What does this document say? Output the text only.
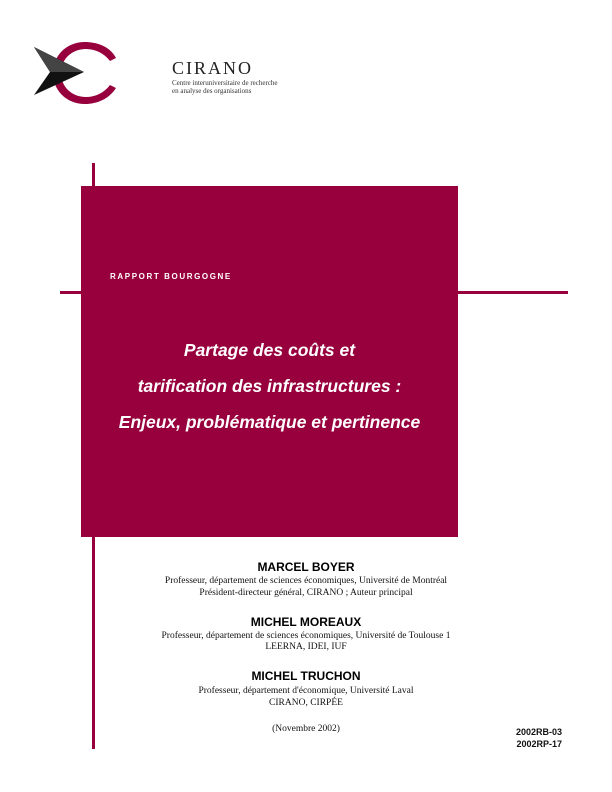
CIRANO
Centre interuniversitaire de recherche
en analyse des organisations
RAPPORT BOURGOGNE
Partage des coûts et
tarification des infrastructures :
Enjeux, problématique et pertinence
MARCEL BOYER
Professeur, département de sciences économiques, Université de Montréal
Président-directeur général, CIRANO ; Auteur principal
MICHEL MOREAUX
Professeur, département de sciences économiques, Université de Toulouse 1
LEERNA, IDEI, IUF
MICHEL TRUCHON
Professeur, département d'économique, Université Laval
CIRANO, CIRPÉE
(Novembre 2002)	2002RB-03
2002RP-17
